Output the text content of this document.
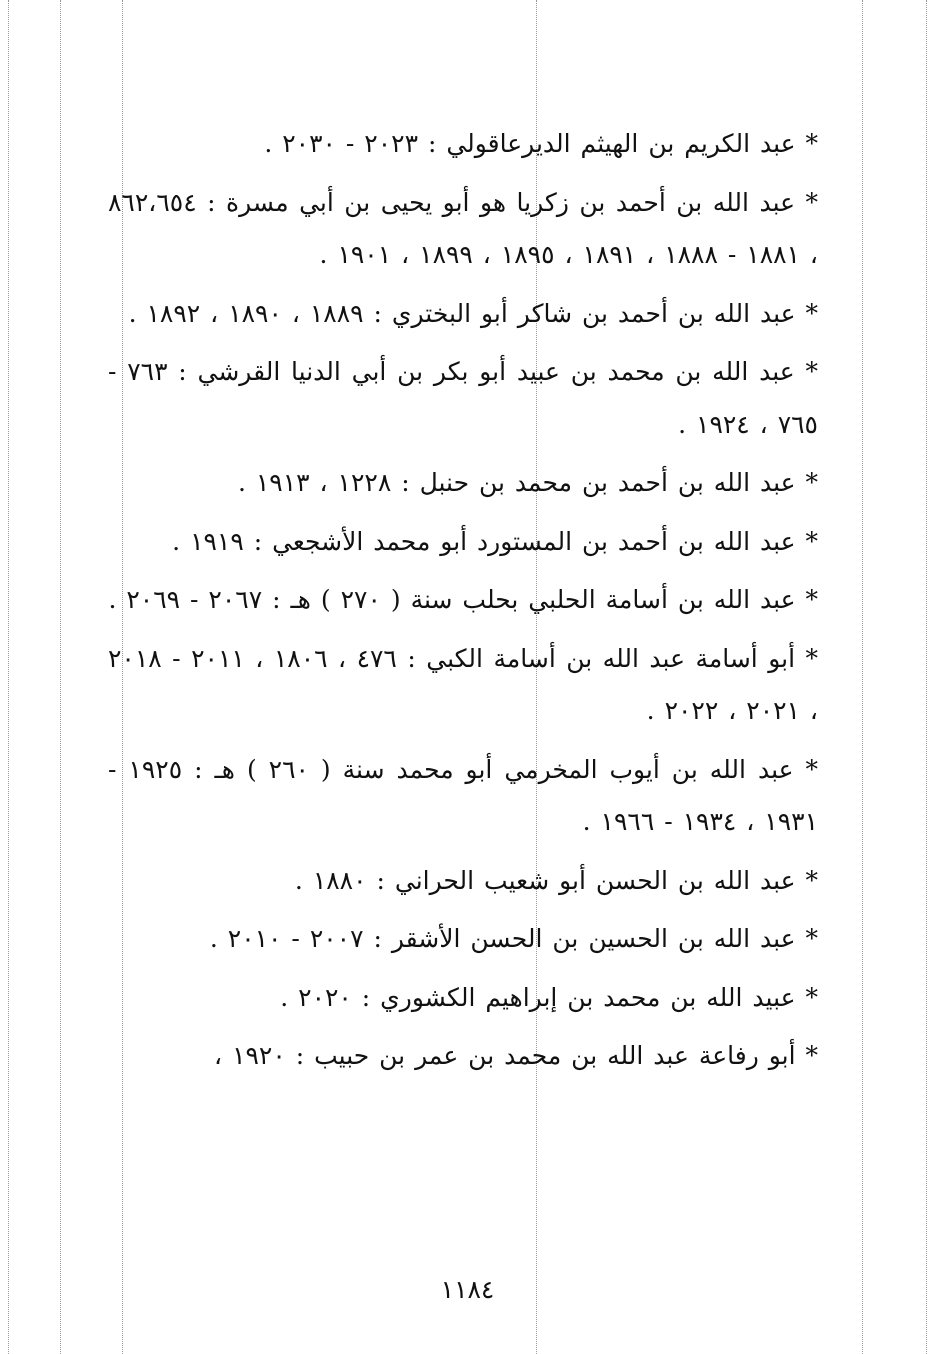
* عبد الكريم بن الهيثم الديرعاقولي : ٢٠٢٣ - ٢٠٣٠ .

* عبد الله بن أحمد بن زكريا هو أبو يحيى بن أبي مسرة : ٨٦٢،٦٥٤ ، ١٨٨١ - ١٨٨٨ ، ١٨٩١ ، ١٨٩٥ ، ١٨٩٩ ، ١٩٠١ .

* عبد الله بن أحمد بن شاكر أبو البختري : ١٨٨٩ ، ١٨٩٠ ، ١٨٩٢ .

* عبد الله بن محمد بن عبيد أبو بكر بن أبي الدنيا القرشي : ٧٦٣ - ٧٦٥ ، ١٩٢٤ .

* عبد الله بن أحمد بن محمد بن حنبل : ١٢٢٨ ، ١٩١٣ .

* عبد الله بن أحمد بن المستورد أبو محمد الأشجعي : ١٩١٩ .

* عبد الله بن أسامة الحلبي بحلب سنة ( ٢٧٠ ) هـ : ٢٠٦٧ - ٢٠٦٩ .

* أبو أسامة عبد الله بن أسامة الكبي : ٤٧٦ ، ١٨٠٦ ، ٢٠١١ - ٢٠١٨ ، ٢٠٢١ ، ٢٠٢٢ .

* عبد الله بن أيوب المخرمي أبو محمد سنة ( ٢٦٠ ) هـ : ١٩٢٥ - ١٩٣١ ، ١٩٣٤ - ١٩٦٦ .

* عبد الله بن الحسن أبو شعيب الحراني : ١٨٨٠ .

* عبد الله بن الحسين بن الحسن الأشقر : ٢٠٠٧ - ٢٠١٠ .

* عبيد الله بن محمد بن إبراهيم الكشوري : ٢٠٢٠ .

* أبو رفاعة عبد الله بن محمد بن عمر بن حبيب : ١٩٢٠ ،

١١٨٤
